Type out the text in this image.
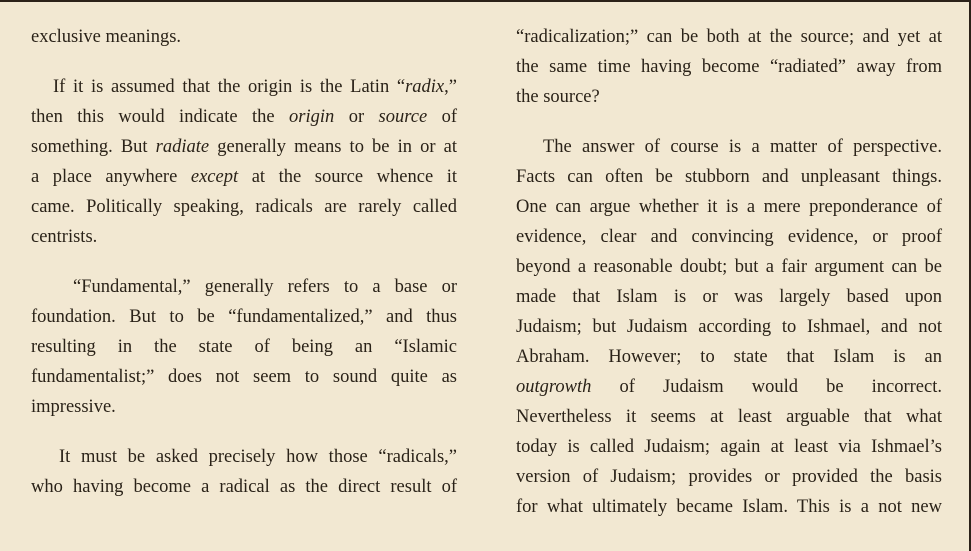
exclusive meanings.
If it is assumed that the origin is the Latin “radix,”
then this would indicate the origin or source of
something. But radiate generally means to be in or at
a place anywhere except at the source whence it
came. Politically speaking, radicals are rarely called
centrists.
“Fundamental,” generally refers to a base or
foundation. But to be “fundamentalized,” and thus
resulting in the state of being an “Islamic
fundamentalist;” does not seem to sound quite as
impressive.
It must be asked precisely how those “radicals,”
who having become a radical as the direct result of
“radicalization;” can be both at the source; and yet at
the same time having become “radiated” away from
the source?
The answer of course is a matter of perspective.
Facts can often be stubborn and unpleasant things.
One can argue whether it is a mere preponderance of
evidence, clear and convincing evidence, or proof
beyond a reasonable doubt; but a fair argument can be
made that Islam is or was largely based upon
Judaism; but Judaism according to Ishmael, and not
Abraham. However; to state that Islam is an
outgrowth of Judaism would be incorrect.
Nevertheless it seems at least arguable that what
today is called Judaism; again at least via Ishmael’s
version of Judaism; provides or provided the basis
for what ultimately became Islam. This is a not new
